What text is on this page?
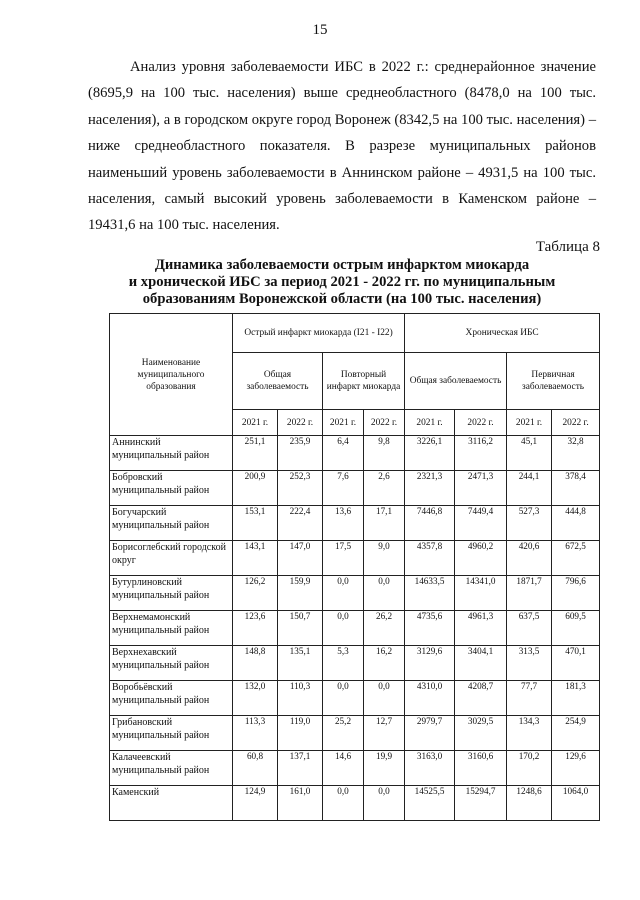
15

Анализ уровня заболеваемости ИБС в 2022 г.: среднерайонное значение (8695,9 на 100 тыс. населения) выше среднеобластного (8478,0 на 100 тыс. населения), а в городском округе город Воронеж (8342,5 на 100 тыс. населения) – ниже среднеобластного показателя. В разрезе муниципальных районов наименьший уровень заболеваемости в Аннинском районе – 4931,5 на 100 тыс. населения, самый высокий уровень заболеваемости в Каменском районе – 19431,6 на 100 тыс. населения.

Таблица 8
Динамика заболеваемости острым инфарктом миокарда
и хронической ИБС за период 2021 - 2022 гг. по муниципальным
образованиям Воронежской области (на 100 тыс. населения)
Наименование муниципального образования	Острый инфаркт миокарда (I21 - I22)				Хроническая ИБС			
	Общая заболеваемость		Повторный инфаркт миокарда		Общая заболеваемость		Первичная заболеваемость	
	2021 г.	2022 г.	2021 г.	2022 г.	2021 г.	2022 г.	2021 г.	2022 г.
Аннинский муниципальный район	251,1	235,9	6,4	9,8	3226,1	3116,2	45,1	32,8
Бобровский муниципальный район	200,9	252,3	7,6	2,6	2321,3	2471,3	244,1	378,4
Богучарский муниципальный район	153,1	222,4	13,6	17,1	7446,8	7449,4	527,3	444,8
Борисоглебский городской округ	143,1	147,0	17,5	9,0	4357,8	4960,2	420,6	672,5
Бутурлиновский муниципальный район	126,2	159,9	0,0	0,0	14633,5	14341,0	1871,7	796,6
Верхнемамонский муниципальный район	123,6	150,7	0,0	26,2	4735,6	4961,3	637,5	609,5
Верхнехавский муниципальный район	148,8	135,1	5,3	16,2	3129,6	3404,1	313,5	470,1
Воробьёвский муниципальный район	132,0	110,3	0,0	0,0	4310,0	4208,7	77,7	181,3
Грибановский муниципальный район	113,3	119,0	25,2	12,7	2979,7	3029,5	134,3	254,9
Калачеевский муниципальный район	60,8	137,1	14,6	19,9	3163,0	3160,6	170,2	129,6
Каменский	124,9	161,0	0,0	0,0	14525,5	15294,7	1248,6	1064,0
